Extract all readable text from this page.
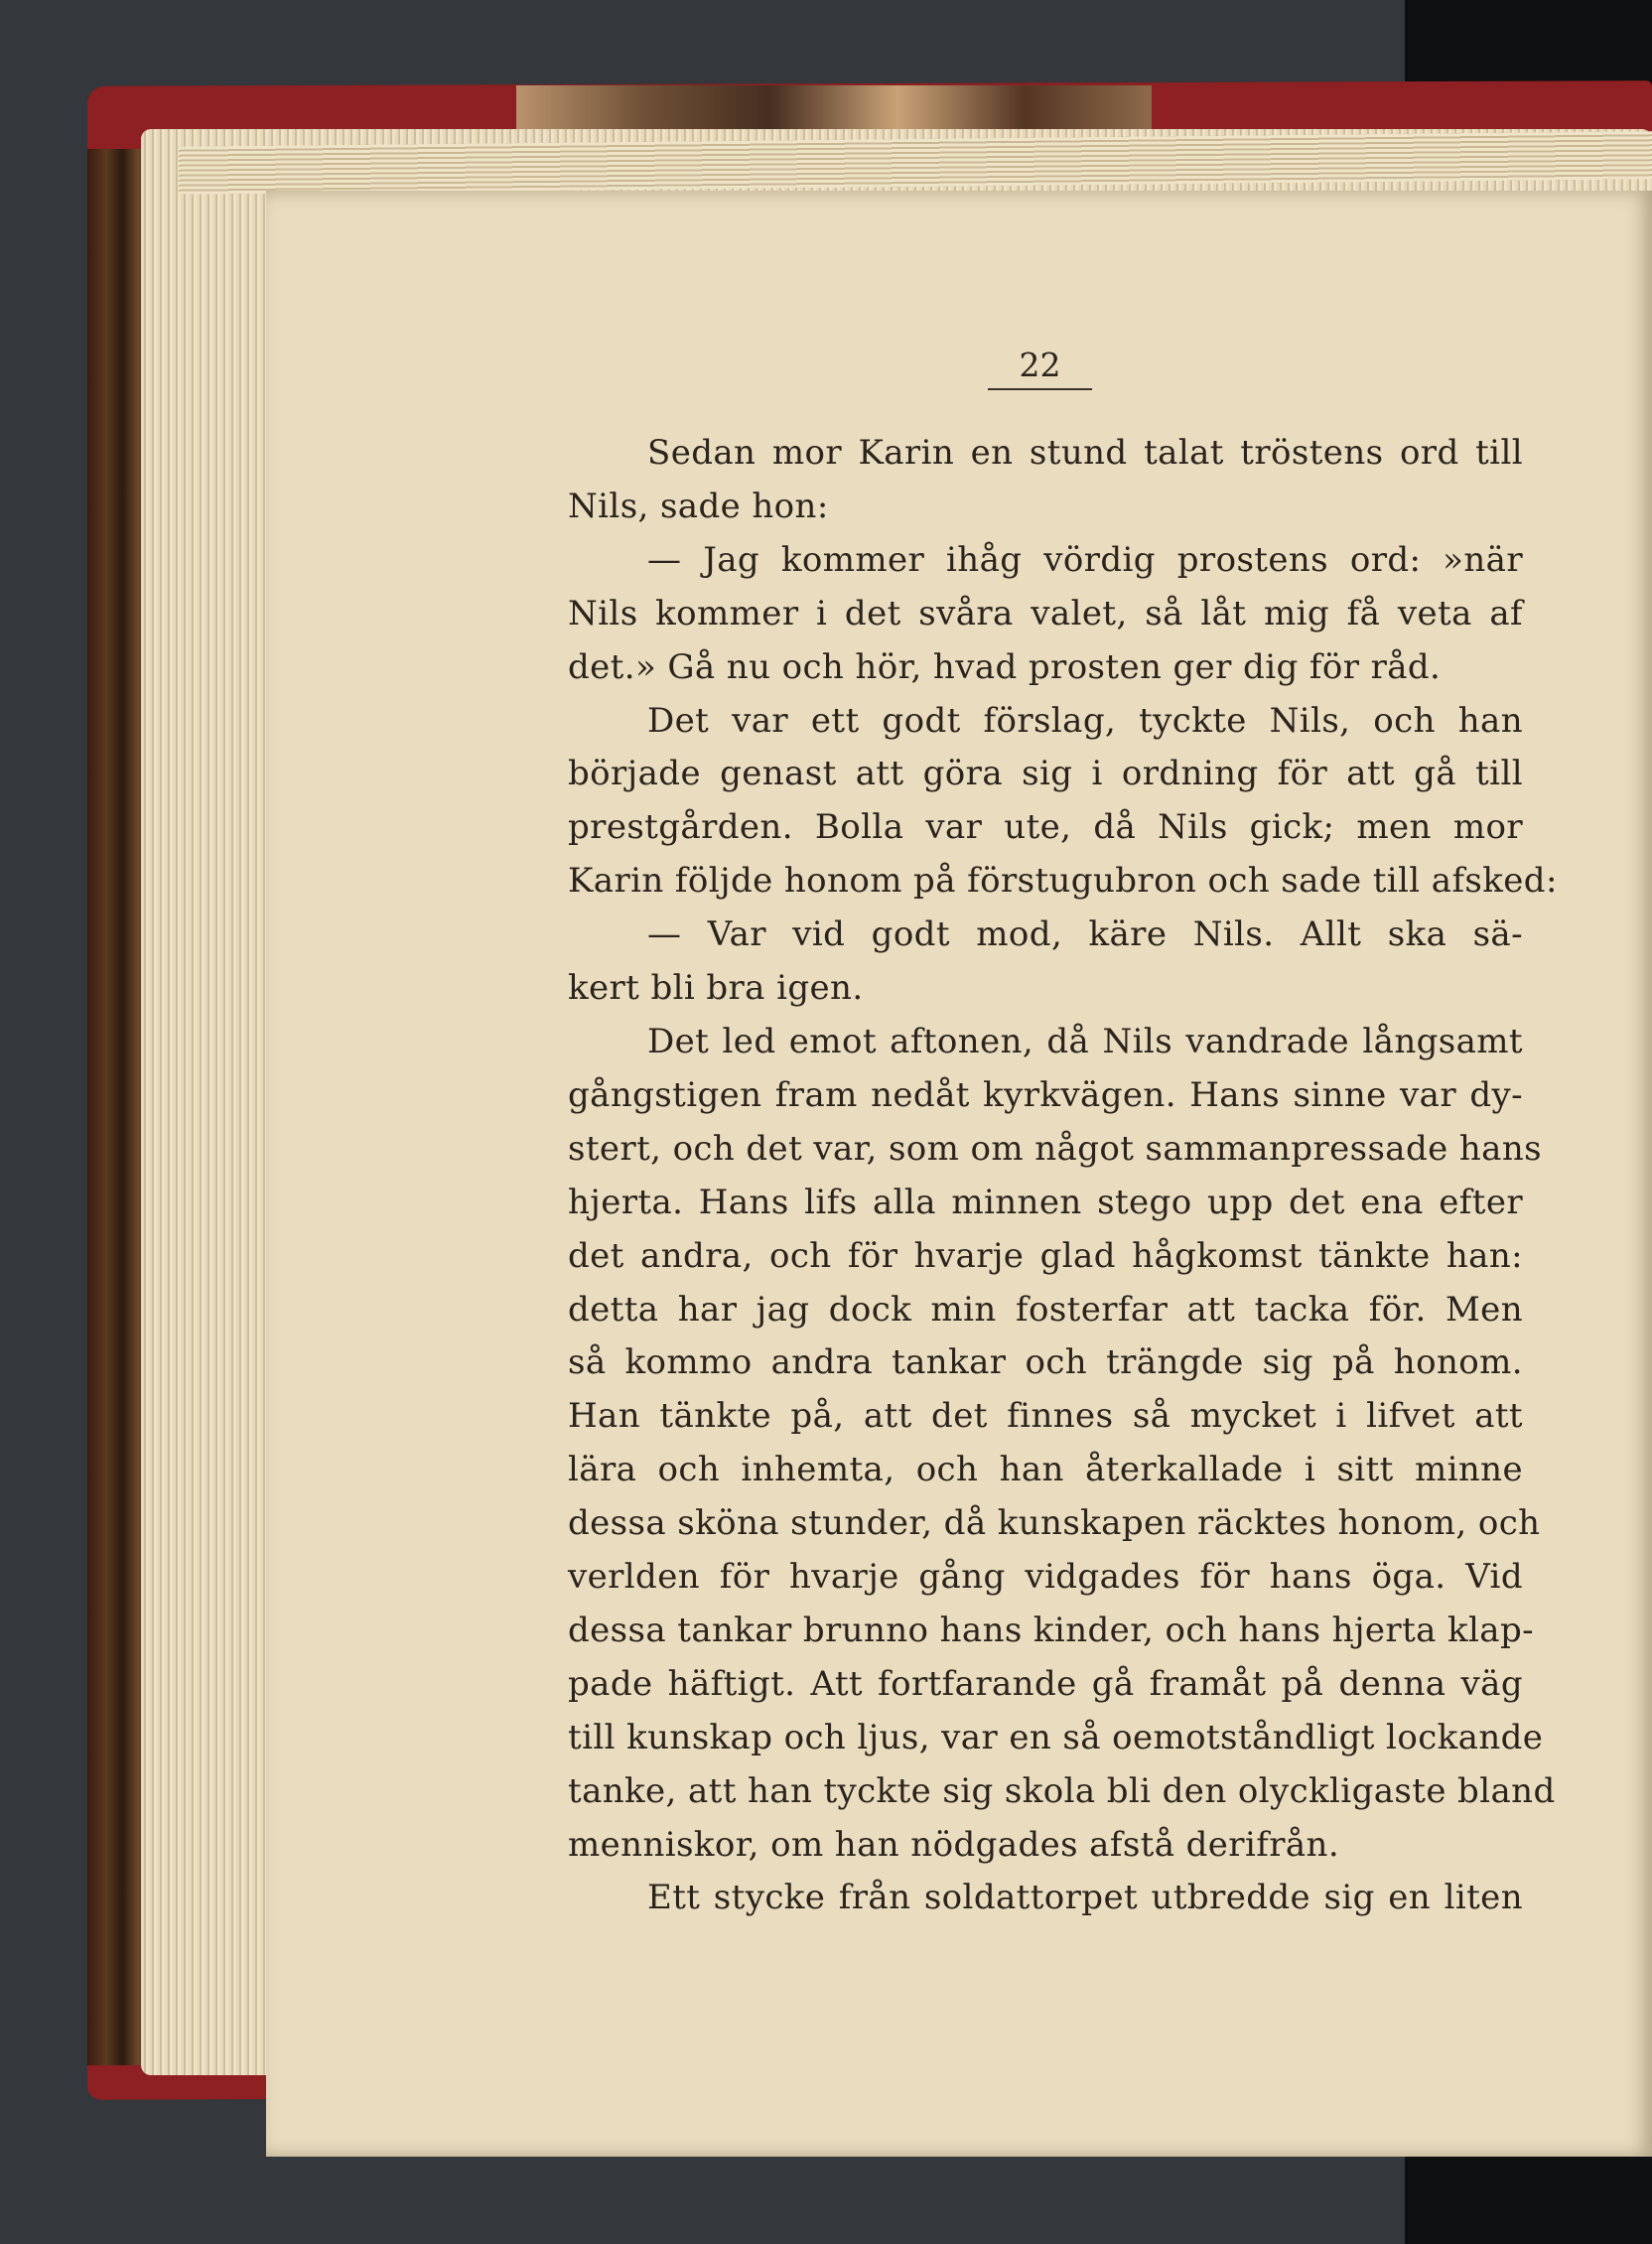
22
Sedan mor Karin en stund talat tröstens ord till
Nils, sade hon:
— Jag kommer ihåg vördig prostens ord: »när
Nils kommer i det svåra valet, så låt mig få veta af
det.» Gå nu och hör, hvad prosten ger dig för råd.
Det var ett godt förslag, tyckte Nils, och han
började genast att göra sig i ordning för att gå till
prestgården. Bolla var ute, då Nils gick; men mor
Karin följde honom på förstugubron och sade till afsked:
— Var vid godt mod, käre Nils. Allt ska sä-
kert bli bra igen.
Det led emot aftonen, då Nils vandrade långsamt
gångstigen fram nedåt kyrkvägen. Hans sinne var dy-
stert, och det var, som om något sammanpressade hans
hjerta. Hans lifs alla minnen stego upp det ena efter
det andra, och för hvarje glad hågkomst tänkte han:
detta har jag dock min fosterfar att tacka för. Men
så kommo andra tankar och trängde sig på honom.
Han tänkte på, att det finnes så mycket i lifvet att
lära och inhemta, och han återkallade i sitt minne
dessa sköna stunder, då kunskapen räcktes honom, och
verlden för hvarje gång vidgades för hans öga. Vid
dessa tankar brunno hans kinder, och hans hjerta klap-
pade häftigt. Att fortfarande gå framåt på denna väg
till kunskap och ljus, var en så oemotståndligt lockande
tanke, att han tyckte sig skola bli den olyckligaste bland
menniskor, om han nödgades afstå derifrån.
Ett stycke från soldattorpet utbredde sig en liten
